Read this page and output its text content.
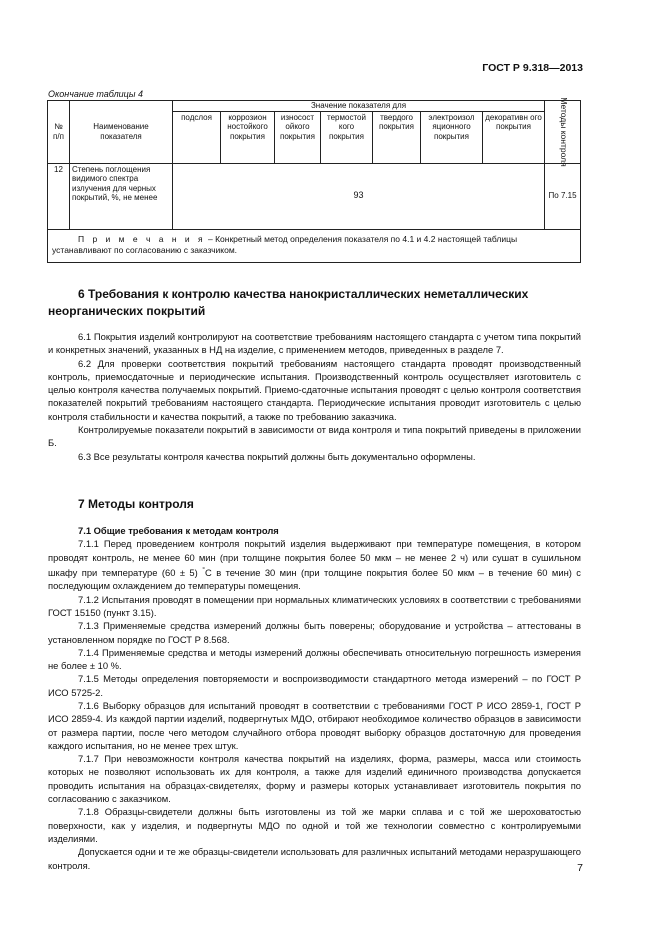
ГОСТ Р 9.318—2013
Окончание таблицы 4
№ п/п	Наименование показателя	Значение показателя для							Методы контроля

		подслоя	коррозион ностойкого покрытия	износост ойкого покрытия	термостой кого покрытия	твердого покрытия	электроизол яционного покрытия	декоративн ого покрытия	
12	Степень поглощения видимого спектра излучения для черных покрытий, %, не менее	93							По 7.15
П р и м е ч а н и я – Конкретный метод определения показателя по 4.1 и 4.2 настоящей таблицы устанавливают по согласованию с заказчиком.									
6 Требования к контролю качества нанокристаллических неметаллических неорганических покрытий

6.1 Покрытия изделий контролируют на соответствие требованиям настоящего стандарта с учетом типа покрытий и конкретных значений, указанных в НД на изделие, с применением методов, приведенных в разделе 7.

6.2 Для проверки соответствия покрытий требованиям настоящего стандарта проводят производственный контроль, приемосдаточные и периодические испытания. Производственный контроль осуществляет изготовитель с целью контроля качества получаемых покрытий. Приемо-сдаточные испытания проводят с целью контроля соответствия показателей покрытий требованиям настоящего стандарта. Периодические испытания проводит изготовитель с целью контроля стабильности и качества покрытий, а также по требованию заказчика.

Контролируемые показатели покрытий в зависимости от вида контроля и типа покрытий приведены в приложении Б.

6.3 Все результаты контроля качества покрытий должны быть документально оформлены.

7 Методы контроля

7.1 Общие требования к методам контроля

7.1.1 Перед проведением контроля покрытий изделия выдерживают при температуре помещения, в котором проводят контроль, не менее 60 мин (при толщине покрытия более 50 мкм – не менее 2 ч) или сушат в сушильном шкафу при температуре (60 ± 5) °С в течение 30 мин (при толщине покрытия более 50 мкм – в течение 60 мин) с последующим охлаждением до температуры помещения.

7.1.2 Испытания проводят в помещении при нормальных климатических условиях в соответствии с требованиями ГОСТ 15150 (пункт 3.15).

7.1.3 Применяемые средства измерений должны быть поверены; оборудование и устройства – аттестованы в установленном порядке по ГОСТ Р 8.568.

7.1.4 Применяемые средства и методы измерений должны обеспечивать относительную погрешность измерения не более ± 10 %.

7.1.5 Методы определения повторяемости и воспроизводимости стандартного метода измерений – по ГОСТ Р ИСО 5725-2.

7.1.6 Выборку образцов для испытаний проводят в соответствии с требованиями ГОСТ Р ИСО 2859-1, ГОСТ Р ИСО 2859-4. Из каждой партии изделий, подвергнутых МДО, отбирают необходимое количество образцов в зависимости от размера партии, после чего методом случайного отбора проводят выборку образцов достаточную для проведения каждого испытания, но не менее трех штук.

7.1.7 При невозможности контроля качества покрытий на изделиях, форма, размеры, масса или стоимость которых не позволяют использовать их для контроля, а также для изделий единичного производства допускается проводить испытания на образцах-свидетелях, форму и размеры которых устанавливает изготовитель покрытия по согласованию с заказчиком.

7.1.8 Образцы-свидетели должны быть изготовлены из той же марки сплава и с той же шероховатостью поверхности, как у изделия, и подвергнуты МДО по одной и той же технологии совместно с контролируемыми изделиями.

Допускается одни и те же образцы-свидетели использовать для различных испытаний методами неразрушающего контроля.	7
